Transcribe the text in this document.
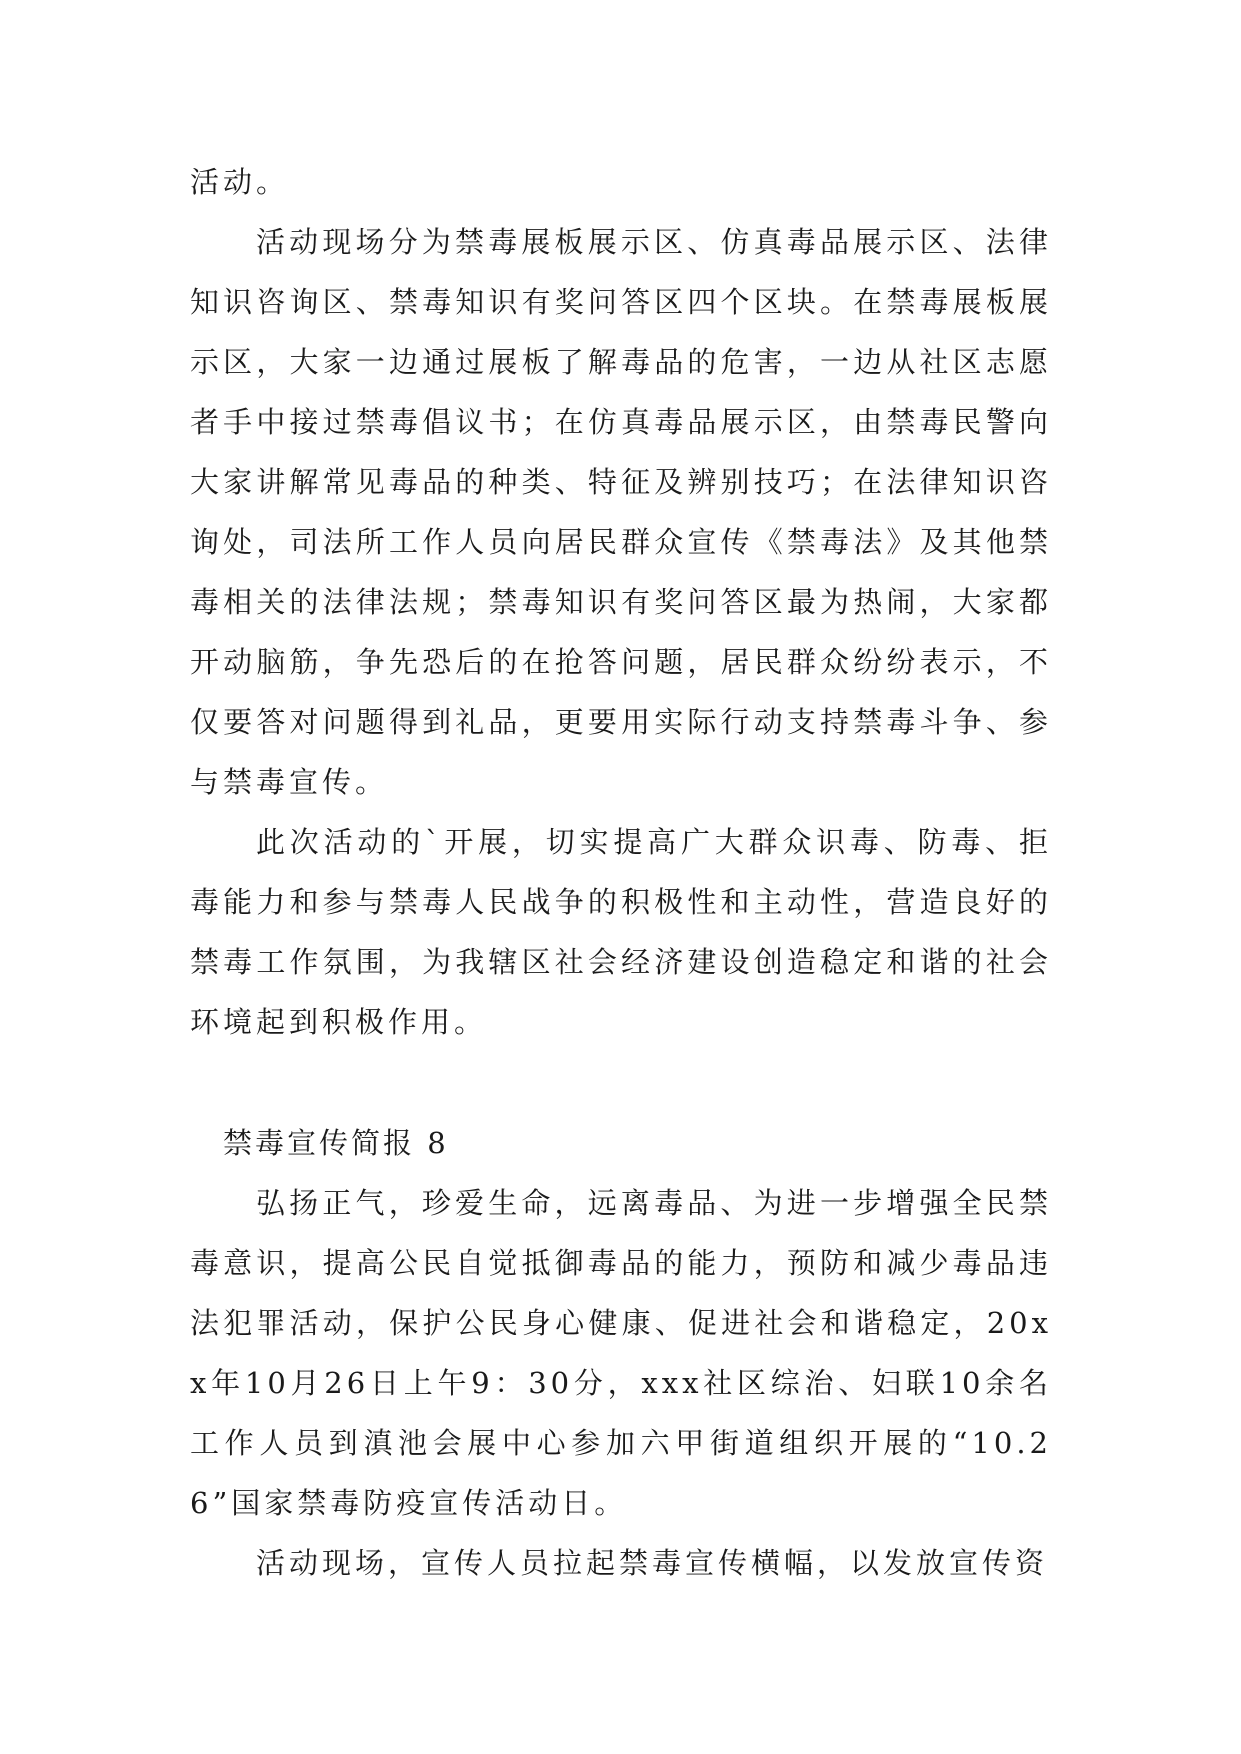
活动。

活动现场分为禁毒展板展示区、仿真毒品展示区、法律知识咨询区、禁毒知识有奖问答区四个区块。在禁毒展板展示区，大家一边通过展板了解毒品的危害，一边从社区志愿者手中接过禁毒倡议书；在仿真毒品展示区，由禁毒民警向大家讲解常见毒品的种类、特征及辨别技巧；在法律知识咨询处，司法所工作人员向居民群众宣传《禁毒法》及其他禁毒相关的法律法规；禁毒知识有奖问答区最为热闹，大家都开动脑筋，争先恐后的在抢答问题，居民群众纷纷表示，不仅要答对问题得到礼品，更要用实际行动支持禁毒斗争、参与禁毒宣传。

此次活动的`开展，切实提高广大群众识毒、防毒、拒毒能力和参与禁毒人民战争的积极性和主动性，营造良好的禁毒工作氛围，为我辖区社会经济建设创造稳定和谐的社会环境起到积极作用。

禁毒宣传简报 8

弘扬正气，珍爱生命，远离毒品、为进一步增强全民禁毒意识，提高公民自觉抵御毒品的能力，预防和减少毒品违法犯罪活动，保护公民身心健康、促进社会和谐稳定，20xx年10月26日上午9：30分，xxx社区综治、妇联10余名工作人员到滇池会展中心参加六甲街道组织开展的“10.26”国家禁毒防疫宣传活动日。

活动现场，宣传人员拉起禁毒宣传横幅，以发放宣传资
